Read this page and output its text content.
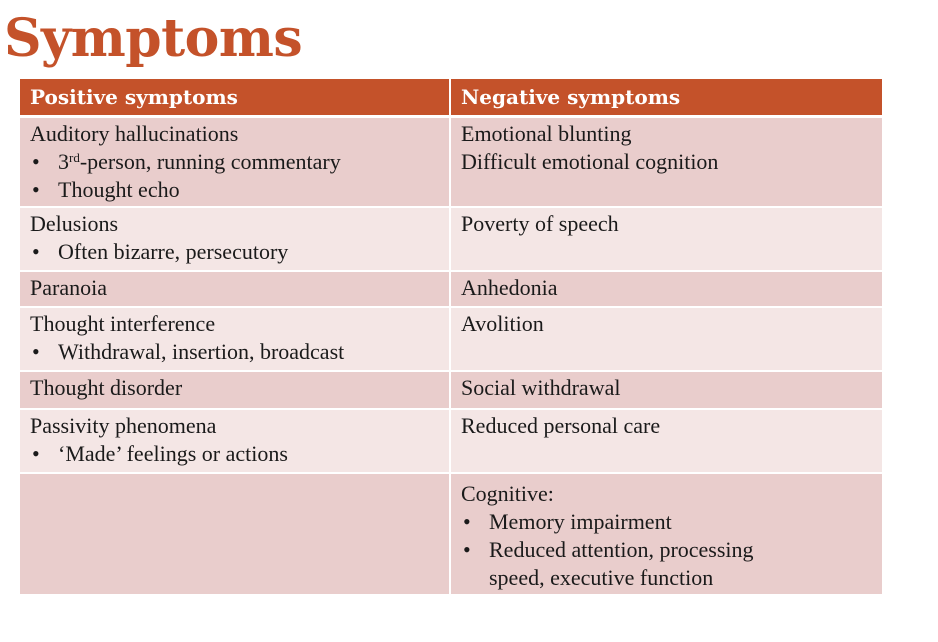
Symptoms
Positive symptoms	Negative symptoms

Auditory hallucinations
• 3rd-person, running commentary
• Thought echo	Emotional blunting
Difficult emotional cognition

Delusions
• Often bizarre, persecutory	Poverty of speech

Paranoia	Anhedonia

Thought interference
• Withdrawal, insertion, broadcast	Avolition

Thought disorder	Social withdrawal

Passivity phenomena
• ‘Made’ feelings or actions	Reduced personal care

	Cognitive:
• Memory impairment
• Reduced attention, processing
speed, executive function
